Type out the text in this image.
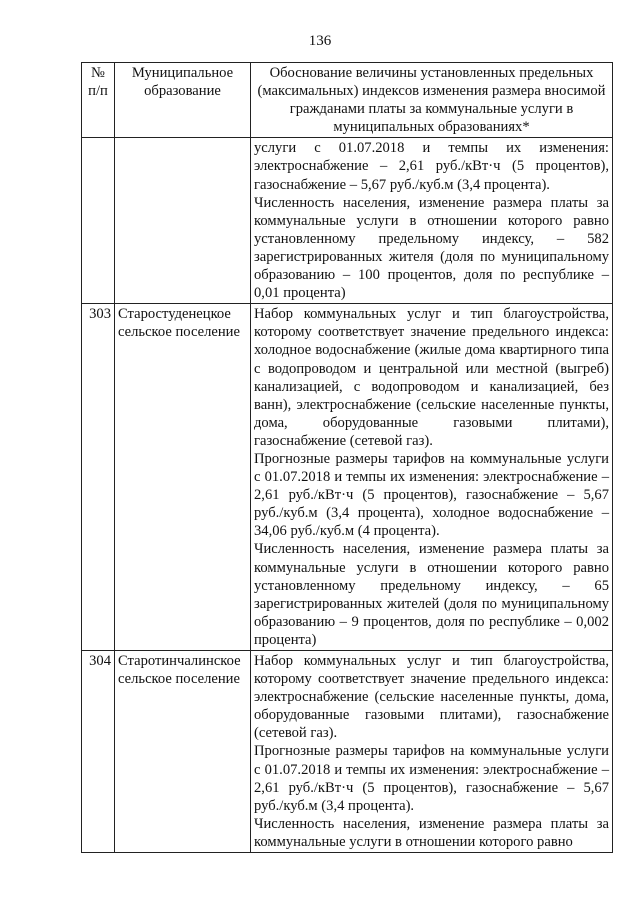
136
№
п/п	Муниципальное образование	Обоснование величины установленных предельных (максимальных) индексов изменения размера вносимой гражданами платы за коммунальные услуги в муниципальных образованиях*

		услуги с 01.07.2018 и темпы их изменения: электроснабжение – 2,61 руб./кВт·ч (5 процентов), газоснабжение – 5,67 руб./куб.м (3,4 процента).
Численность населения, изменение размера платы за коммунальные услуги в отношении которого равно установленному предельному индексу, – 582 зарегистрированных жителя (доля по муниципальному образованию – 100 процентов, доля по республике – 0,01 процента)

303	Старостуденецкое сельское поселение	Набор коммунальных услуг и тип благоустройства, которому соответствует значение предельного индекса: холодное водоснабжение (жилые дома квартирного типа с водопроводом и центральной или местной (выгреб) канализацией, с водопроводом и канализацией, без ванн), электроснабжение (сельские населенные пункты, дома, оборудованные газовыми плитами), газоснабжение (сетевой газ).
Прогнозные размеры тарифов на коммунальные услуги с 01.07.2018 и темпы их изменения: электроснабжение – 2,61 руб./кВт·ч (5 процентов), газоснабжение – 5,67 руб./куб.м (3,4 процента), холодное водоснабжение – 34,06 руб./куб.м (4 процента).
Численность населения, изменение размера платы за коммунальные услуги в отношении которого равно установленному предельному индексу, – 65 зарегистрированных жителей (доля по муниципальному образованию – 9 процентов, доля по республике – 0,002 процента)

304	Старотинчалинское сельское поселение	Набор коммунальных услуг и тип благоустройства, которому соответствует значение предельного индекса: электроснабжение (сельские населенные пункты, дома, оборудованные газовыми плитами), газоснабжение (сетевой газ).
Прогнозные размеры тарифов на коммунальные услуги с 01.07.2018 и темпы их изменения: электроснабжение – 2,61 руб./кВт·ч (5 процентов), газоснабжение – 5,67 руб./куб.м (3,4 процента).
Численность населения, изменение размера платы за коммунальные услуги в отношении которого равно
